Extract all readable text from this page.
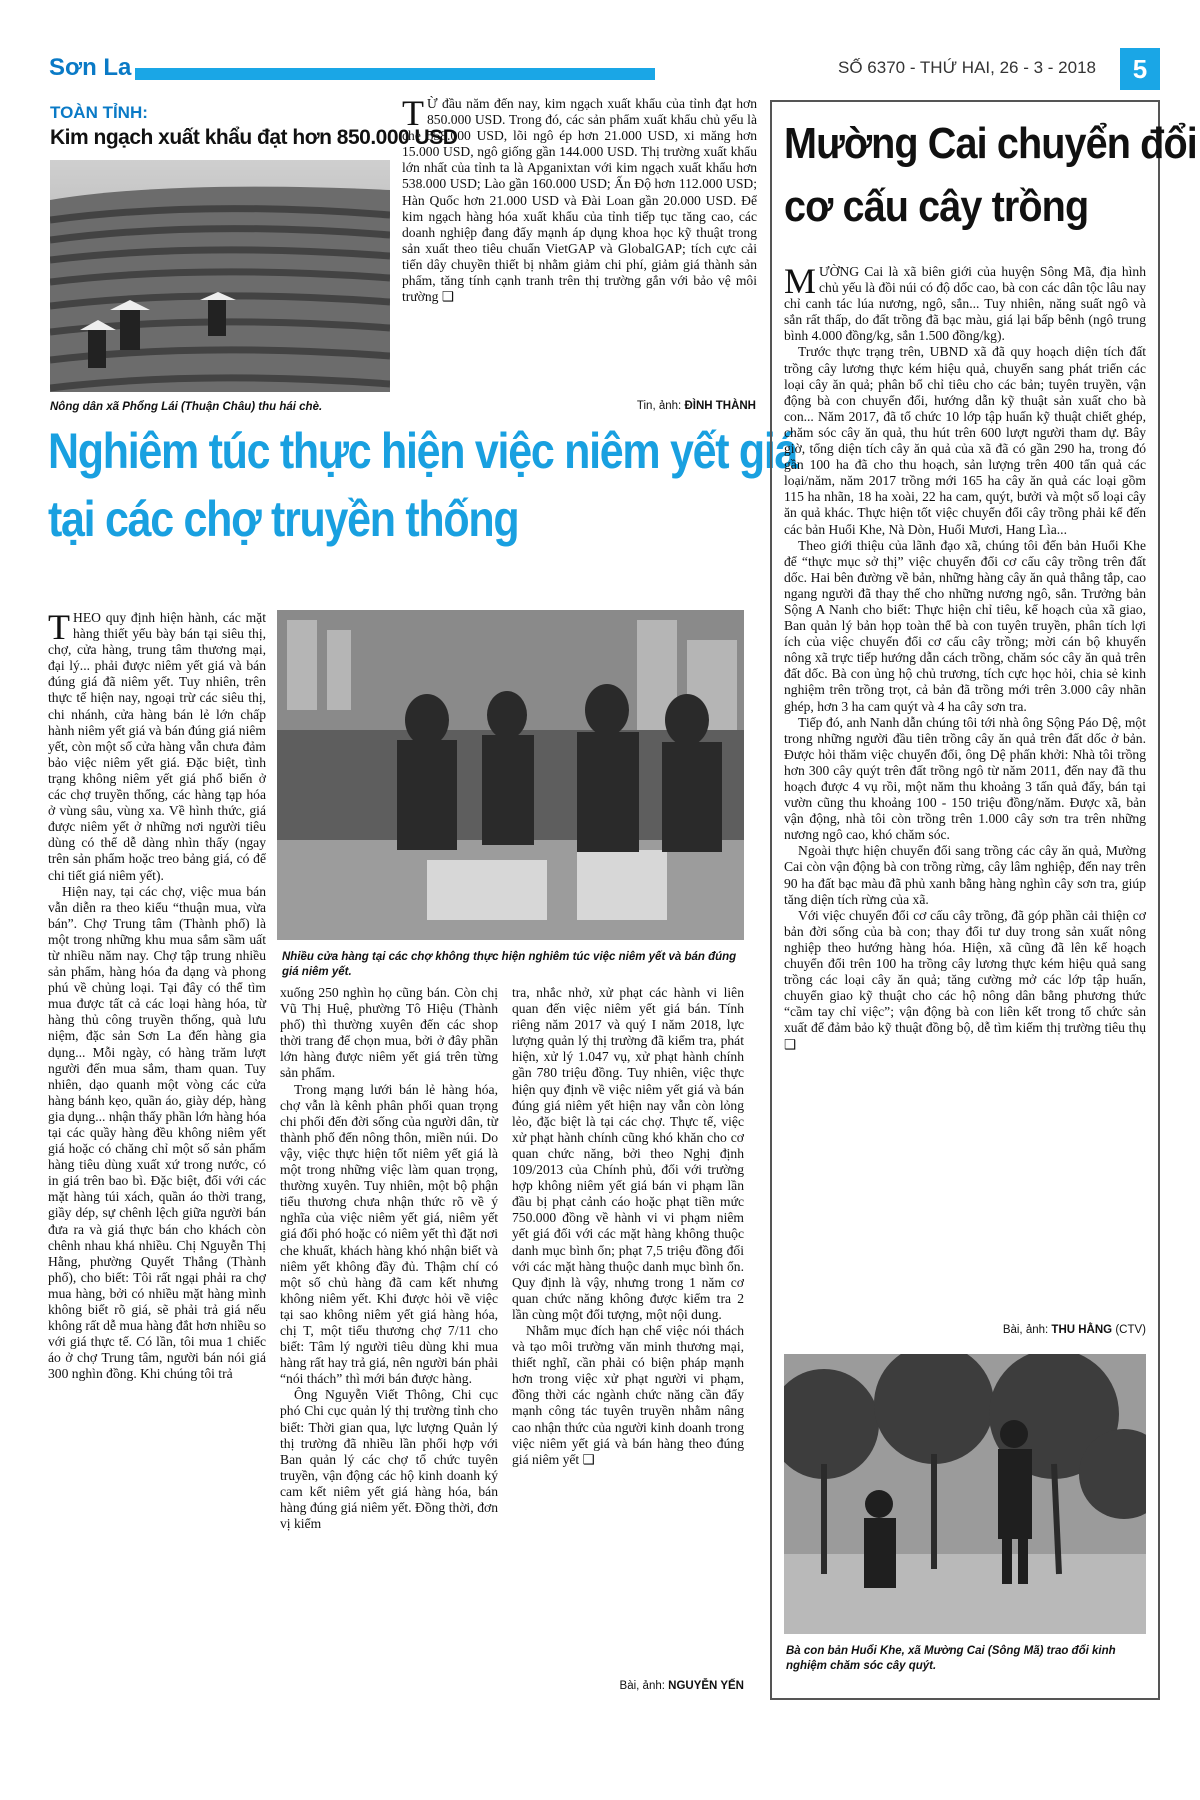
Sơn La	SỐ 6370 - THỨ HAI, 26 - 3 - 2018	5
TOÀN TỈNH:
Kim ngạch xuất khẩu đạt hơn 850.000 USD
Nông dân xã Phổng Lái (Thuận Châu) thu hái chè.

T Ừ đầu năm đến nay, kim ngạch xuất khẩu của tỉnh đạt hơn 850.000 USD. Trong đó, các sản phẩm xuất khẩu chủ yếu là chè 558.000 USD, lõi ngô ép hơn 21.000 USD, xi măng hơn 15.000 USD, ngô giống gần 144.000 USD. Thị trường xuất khẩu lớn nhất của tỉnh ta là Apganixtan với kim ngạch xuất khẩu hơn 538.000 USD; Lào gần 160.000 USD; Ấn Độ hơn 112.000 USD; Hàn Quốc hơn 21.000 USD và Đài Loan gần 20.000 USD. Để kim ngạch hàng hóa xuất khẩu của tỉnh tiếp tục tăng cao, các doanh nghiệp đang đẩy mạnh áp dụng khoa học kỹ thuật trong sản xuất theo tiêu chuẩn VietGAP và GlobalGAP; tích cực cải tiến dây chuyền thiết bị nhằm giảm chi phí, giảm giá thành sản phẩm, tăng tính cạnh tranh trên thị trường gắn với bảo vệ môi trường ❑

Tin, ảnh: ĐÌNH THÀNH
Nghiêm túc thực hiện việc niêm yết giá
tại các chợ truyền thống

THEO quy định hiện hành, các mặt hàng thiết yếu bày bán tại siêu thị, chợ, cửa hàng, trung tâm thương mại, đại lý... phải được niêm yết giá và bán đúng giá đã niêm yết. Tuy nhiên, trên thực tế hiện nay, ngoại trừ các siêu thị, chi nhánh, cửa hàng bán lẻ lớn chấp hành niêm yết giá và bán đúng giá niêm yết, còn một số cửa hàng vẫn chưa đảm bảo việc niêm yết giá. Đặc biệt, tình trạng không niêm yết giá phổ biến ở các chợ truyền thống, các hàng tạp hóa ở vùng sâu, vùng xa. Về hình thức, giá được niêm yết ở những nơi người tiêu dùng có thể dễ dàng nhìn thấy (ngay trên sản phẩm hoặc treo bảng giá, có để chi tiết giá niêm yết).

Hiện nay, tại các chợ, việc mua bán vẫn diễn ra theo kiểu “thuận mua, vừa bán”. Chợ Trung tâm (Thành phố) là một trong những khu mua sắm sầm uất từ nhiều năm nay. Chợ tập trung nhiều sản phẩm, hàng hóa đa dạng và phong phú về chủng loại. Tại đây có thể tìm mua được tất cả các loại hàng hóa, từ hàng thủ công truyền thống, quà lưu niệm, đặc sản Sơn La đến hàng gia dụng... Mỗi ngày, có hàng trăm lượt người đến mua sắm, tham quan. Tuy nhiên, dạo quanh một vòng các cửa hàng bánh kẹo, quần áo, giày dép, hàng gia dụng... nhận thấy phần lớn hàng hóa tại các quầy hàng đều không niêm yết giá hoặc có chăng chỉ một số sản phẩm hàng tiêu dùng xuất xứ trong nước, có in giá trên bao bì. Đặc biệt, đối với các mặt hàng túi xách, quần áo thời trang, giầy dép, sự chênh lệch giữa người bán đưa ra và giá thực bán cho khách còn chênh nhau khá nhiều. Chị Nguyễn Thị Hằng, phường Quyết Thắng (Thành phố), cho biết: Tôi rất ngại phải ra chợ mua hàng, bởi có nhiều mặt hàng mình không biết rõ giá, sẽ phải trả giá nếu không rất dễ mua hàng đắt hơn nhiều so với giá thực tế. Có lần, tôi mua 1 chiếc áo ở chợ Trung tâm, người bán nói giá 300 nghìn đồng. Khi chúng tôi trả

Nhiều cửa hàng tại các chợ không thực hiện nghiêm túc việc niêm yết và bán đúng giá niêm yết.

xuống 250 nghìn họ cũng bán. Còn chị Vũ Thị Huệ, phường Tô Hiệu (Thành phố) thì thường xuyên đến các shop thời trang để chọn mua, bởi ở đây phần lớn hàng được niêm yết giá trên từng sản phẩm.

Trong mạng lưới bán lẻ hàng hóa, chợ vẫn là kênh phân phối quan trọng chi phối đến đời sống của người dân, từ thành phố đến nông thôn, miền núi. Do vậy, việc thực hiện tốt niêm yết giá là một trong những việc làm quan trọng, thường xuyên. Tuy nhiên, một bộ phận tiểu thương chưa nhận thức rõ về ý nghĩa của việc niêm yết giá, niêm yết giá đối phó hoặc có niêm yết thì đặt nơi che khuất, khách hàng khó nhận biết và niêm yết không đầy đủ. Thậm chí có một số chủ hàng đã cam kết nhưng không niêm yết. Khi được hỏi về việc tại sao không niêm yết giá hàng hóa, chị T, một tiểu thương chợ 7/11 cho biết: Tâm lý người tiêu dùng khi mua hàng rất hay trả giá, nên người bán phải “nói thách” thì mới bán được hàng.

Ông Nguyễn Viết Thông, Chi cục phó Chi cục quản lý thị trường tỉnh cho biết: Thời gian qua, lực lượng Quản lý thị trường đã nhiều lần phối hợp với Ban quản lý các chợ tổ chức tuyên truyền, vận động các hộ kinh doanh ký cam kết niêm yết giá hàng hóa, bán hàng đúng giá niêm yết. Đồng thời, đơn vị kiểm

tra, nhắc nhở, xử phạt các hành vi liên quan đến việc niêm yết giá bán. Tính riêng năm 2017 và quý I năm 2018, lực lượng quản lý thị trường đã kiểm tra, phát hiện, xử lý 1.047 vụ, xử phạt hành chính gần 780 triệu đồng. Tuy nhiên, việc thực hiện quy định về việc niêm yết giá và bán đúng giá niêm yết hiện nay vẫn còn lỏng lẻo, đặc biệt là tại các chợ. Thực tế, việc xử phạt hành chính cũng khó khăn cho cơ quan chức năng, bởi theo Nghị định 109/2013 của Chính phủ, đối với trường hợp không niêm yết giá bán vi phạm lần đầu bị phạt cảnh cáo hoặc phạt tiền mức 750.000 đồng về hành vi vi phạm niêm yết giá đối với các mặt hàng không thuộc danh mục bình ổn; phạt 7,5 triệu đồng đối với các mặt hàng thuộc danh mục bình ổn. Quy định là vậy, nhưng trong 1 năm cơ quan chức năng không được kiểm tra 2 lần cùng một đối tượng, một nội dung.

Nhằm mục đích hạn chế việc nói thách và tạo môi trường văn minh thương mại, thiết nghĩ, cần phải có biện pháp mạnh hơn trong việc xử phạt người vi phạm, đồng thời các ngành chức năng cần đẩy mạnh công tác tuyên truyền nhằm nâng cao nhận thức của người kinh doanh trong việc niêm yết giá và bán hàng theo đúng giá niêm yết ❑

Bài, ảnh: NGUYỄN YẾN
Mường Cai chuyển đổi
cơ cấu cây trồng

MƯỜNG Cai là xã biên giới của huyện Sông Mã, địa hình chủ yếu là đồi núi có độ dốc cao, bà con các dân tộc lâu nay chỉ canh tác lúa nương, ngô, sắn... Tuy nhiên, năng suất ngô và sắn rất thấp, do đất trồng đã bạc màu, giá lại bấp bênh (ngô trung bình 4.000 đồng/kg, sắn 1.500 đồng/kg).

Trước thực trạng trên, UBND xã đã quy hoạch diện tích đất trồng cây lương thực kém hiệu quả, chuyển sang phát triển các loại cây ăn quả; phân bổ chỉ tiêu cho các bản; tuyên truyền, vận động bà con chuyển đổi, hướng dẫn kỹ thuật sản xuất cho bà con... Năm 2017, đã tổ chức 10 lớp tập huấn kỹ thuật chiết ghép, chăm sóc cây ăn quả, thu hút trên 600 lượt người tham dự. Bây giờ, tổng diện tích cây ăn quả của xã đã có gần 290 ha, trong đó gần 100 ha đã cho thu hoạch, sản lượng trên 400 tấn quả các loại/năm, năm 2017 trồng mới 165 ha cây ăn quả các loại gồm 115 ha nhãn, 18 ha xoài, 22 ha cam, quýt, bưởi và một số loại cây ăn quả khác. Thực hiện tốt việc chuyển đổi cây trồng phải kể đến các bản Huổi Khe, Nà Dòn, Huổi Mươi, Hang Lìa...

Theo giới thiệu của lãnh đạo xã, chúng tôi đến bản Huổi Khe để “thực mục sở thị” việc chuyển đổi cơ cấu cây trồng trên đất dốc. Hai bên đường về bản, những hàng cây ăn quả thẳng tắp, cao ngang người đã thay thế cho những nương ngô, sắn. Trưởng bản Sộng A Nanh cho biết: Thực hiện chỉ tiêu, kế hoạch của xã giao, Ban quản lý bản họp toàn thể bà con tuyên truyền, phân tích lợi ích của việc chuyển đổi cơ cấu cây trồng; mời cán bộ khuyến nông xã trực tiếp hướng dẫn cách trồng, chăm sóc cây ăn quả trên đất dốc. Bà con ủng hộ chủ trương, tích cực học hỏi, chia sẻ kinh nghiệm trên trồng trọt, cả bản đã trồng mới trên 3.000 cây nhãn ghép, hơn 3 ha cam quýt và 4 ha cây sơn tra.

Tiếp đó, anh Nanh dẫn chúng tôi tới nhà ông Sộng Páo Dệ, một trong những người đầu tiên trồng cây ăn quả trên đất dốc ở bản. Được hỏi thăm việc chuyển đổi, ông Dệ phấn khởi: Nhà tôi trồng hơn 300 cây quýt trên đất trồng ngô từ năm 2011, đến nay đã thu hoạch được 4 vụ rồi, một năm thu khoảng 3 tấn quả đấy, bán tại vườn cũng thu khoảng 100 - 150 triệu đồng/năm. Được xã, bản vận động, nhà tôi còn trồng trên 1.000 cây sơn tra trên những nương ngô cao, khó chăm sóc.

Ngoài thực hiện chuyển đổi sang trồng các cây ăn quả, Mường Cai còn vận động bà con trồng rừng, cây lâm nghiệp, đến nay trên 90 ha đất bạc màu đã phủ xanh bằng hàng nghìn cây sơn tra, giúp tăng diện tích rừng của xã.

Với việc chuyển đổi cơ cấu cây trồng, đã góp phần cải thiện cơ bản đời sống của bà con; thay đổi tư duy trong sản xuất nông nghiệp theo hướng hàng hóa. Hiện, xã cũng đã lên kế hoạch chuyển đổi trên 100 ha trồng cây lương thực kém hiệu quả sang trồng các loại cây ăn quả; tăng cường mở các lớp tập huấn, chuyển giao kỹ thuật cho các hộ nông dân bằng phương thức “cầm tay chỉ việc”; vận động bà con liên kết trong tổ chức sản xuất để đảm bảo kỹ thuật đồng bộ, dễ tìm kiếm thị trường tiêu thụ ❑

Bài, ảnh: THU HẰNG (CTV)
Bà con bản Huổi Khe, xã Mường Cai (Sông Mã) trao đổi kinh nghiệm chăm sóc cây quýt.
